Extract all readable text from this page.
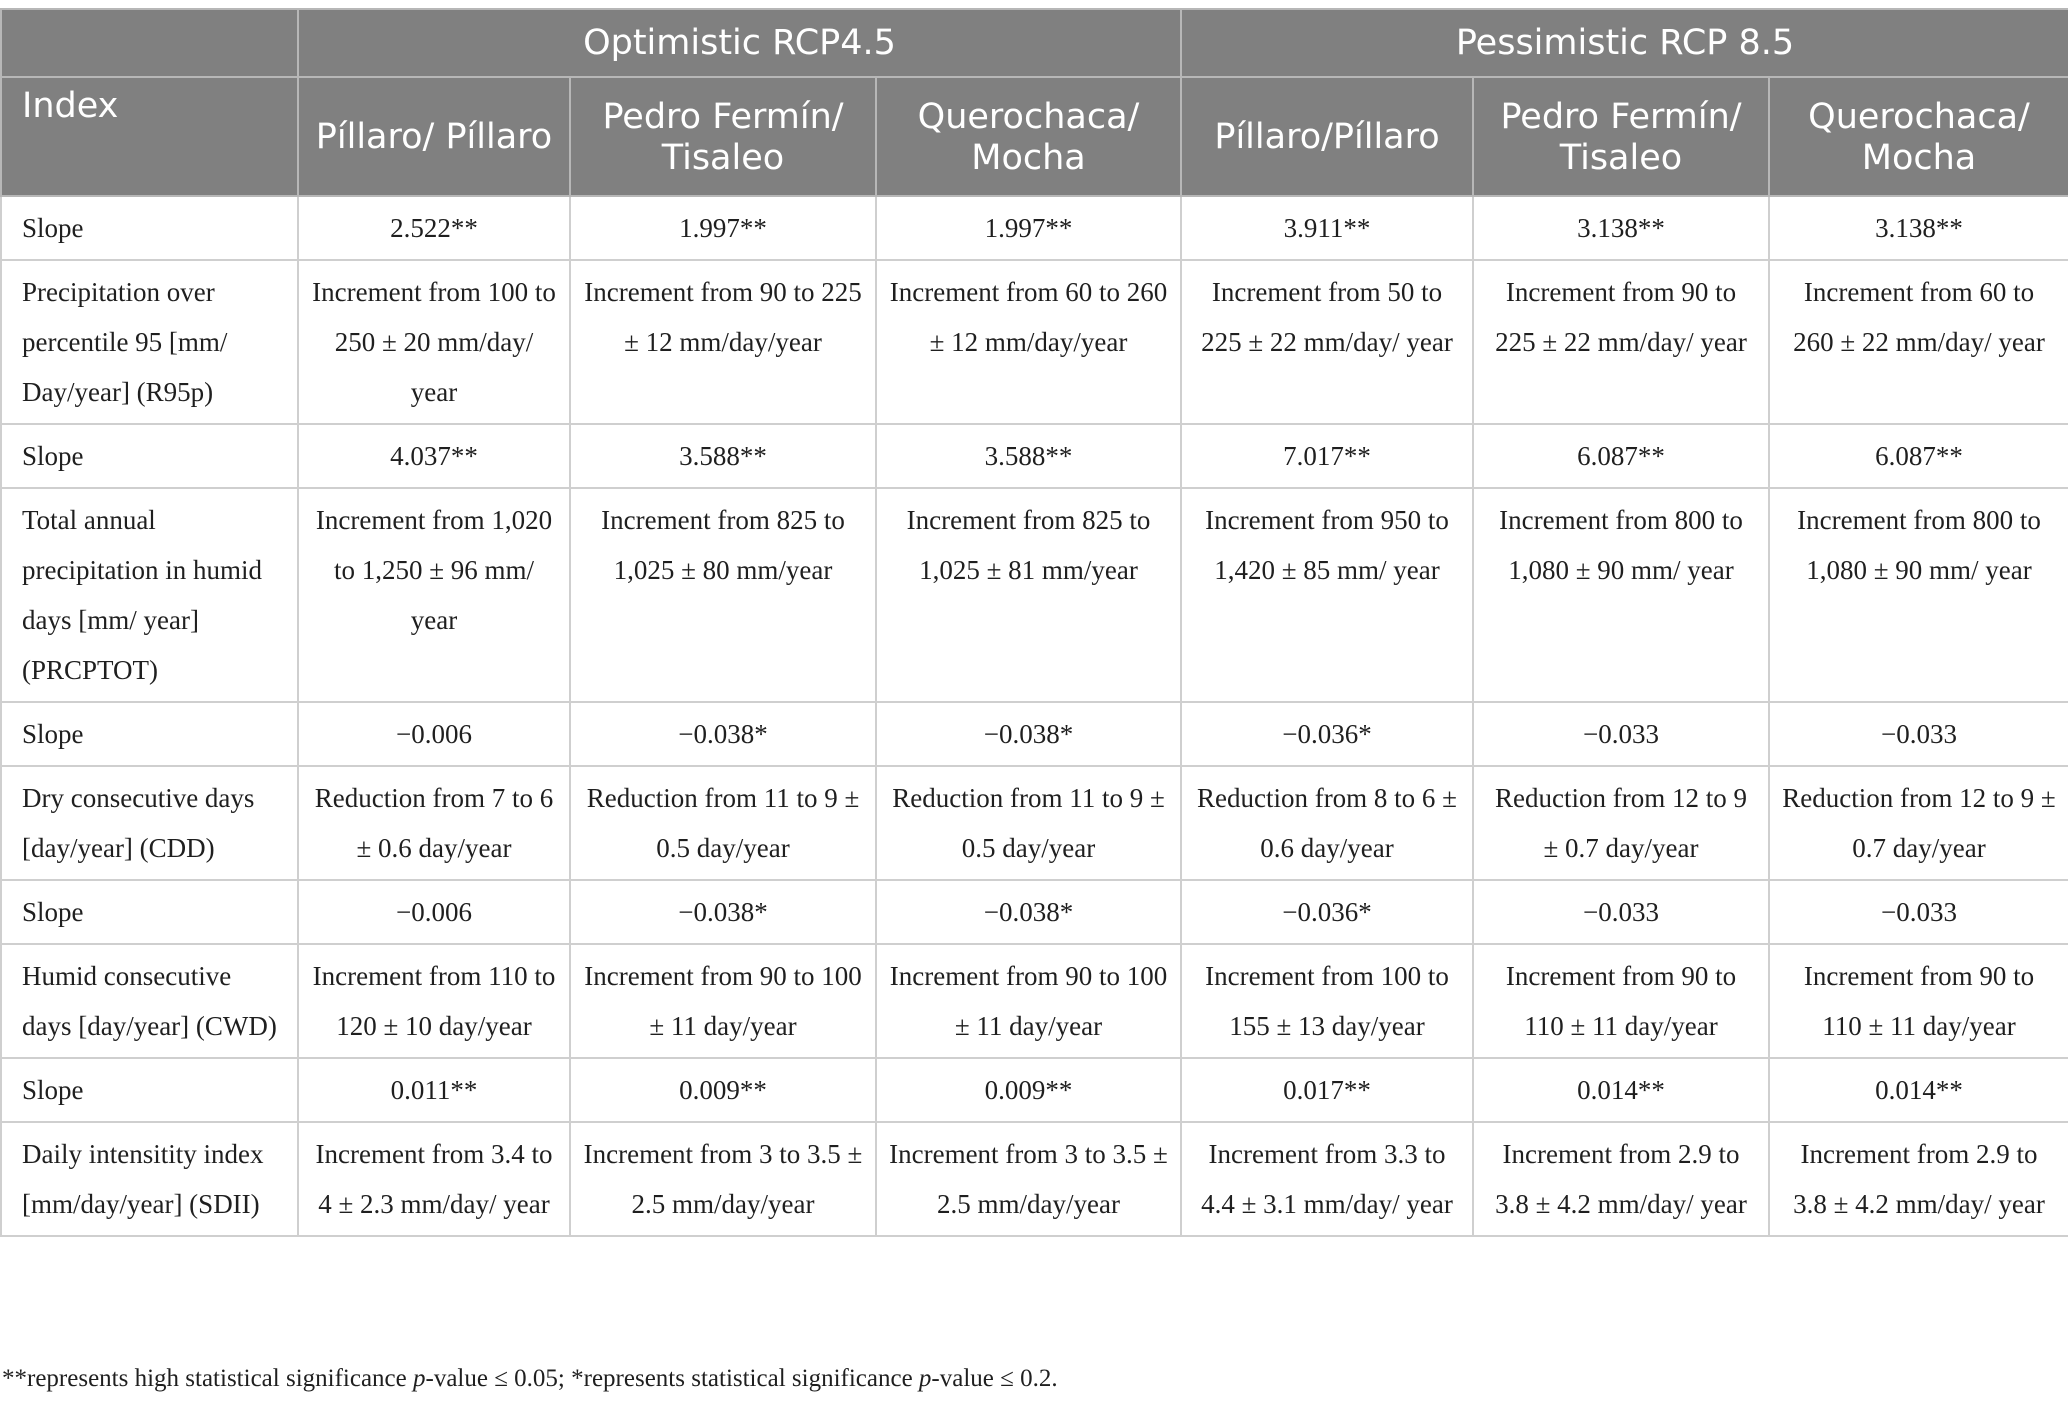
	Optimistic RCP4.5			Pessimistic RCP 8.5		
Index	Píllaro/ Píllaro	Pedro Fermín/ Tisaleo	Querochaca/ Mocha	Píllaro/Píllaro	Pedro Fermín/ Tisaleo	Querochaca/ Mocha
Slope	2.522**	1.997**	1.997**	3.911**	3.138**	3.138**
Precipitation over percentile 95 [mm/ Day/year] (R95p)	Increment from 100 to 250 ± 20 mm/day/ year	Increment from 90 to 225 ± 12 mm/day/year	Increment from 60 to 260 ± 12 mm/day/year	Increment from 50 to 225 ± 22 mm/day/ year	Increment from 90 to 225 ± 22 mm/day/ year	Increment from 60 to 260 ± 22 mm/day/ year
Slope	4.037**	3.588**	3.588**	7.017**	6.087**	6.087**
Total annual precipitation in humid days [mm/ year] (PRCPTOT)	Increment from 1,020 to 1,250 ± 96 mm/ year	Increment from 825 to 1,025 ± 80 mm/year	Increment from 825 to 1,025 ± 81 mm/year	Increment from 950 to 1,420 ± 85 mm/ year	Increment from 800 to 1,080 ± 90 mm/ year	Increment from 800 to 1,080 ± 90 mm/ year
Slope	−0.006	−0.038*	−0.038*	−0.036*	−0.033	−0.033
Dry consecutive days [day/year] (CDD)	Reduction from 7 to 6 ± 0.6 day/year	Reduction from 11 to 9 ± 0.5 day/year	Reduction from 11 to 9 ± 0.5 day/year	Reduction from 8 to 6 ± 0.6 day/year	Reduction from 12 to 9 ± 0.7 day/year	Reduction from 12 to 9 ± 0.7 day/year
Slope	−0.006	−0.038*	−0.038*	−0.036*	−0.033	−0.033
Humid consecutive days [day/year] (CWD)	Increment from 110 to 120 ± 10 day/year	Increment from 90 to 100 ± 11 day/year	Increment from 90 to 100 ± 11 day/year	Increment from 100 to 155 ± 13 day/year	Increment from 90 to 110 ± 11 day/year	Increment from 90 to 110 ± 11 day/year
Slope	0.011**	0.009**	0.009**	0.017**	0.014**	0.014**
Daily intensitity index [mm/day/year] (SDII)	Increment from 3.4 to 4 ± 2.3 mm/day/ year	Increment from 3 to 3.5 ± 2.5 mm/day/year	Increment from 3 to 3.5 ± 2.5 mm/day/year	Increment from 3.3 to 4.4 ± 3.1 mm/day/ year	Increment from 2.9 to 3.8 ± 4.2 mm/day/ year	Increment from 2.9 to 3.8 ± 4.2 mm/day/ year
**represents high statistical significance p-value ≤ 0.05; *represents statistical significance p-value ≤ 0.2.
